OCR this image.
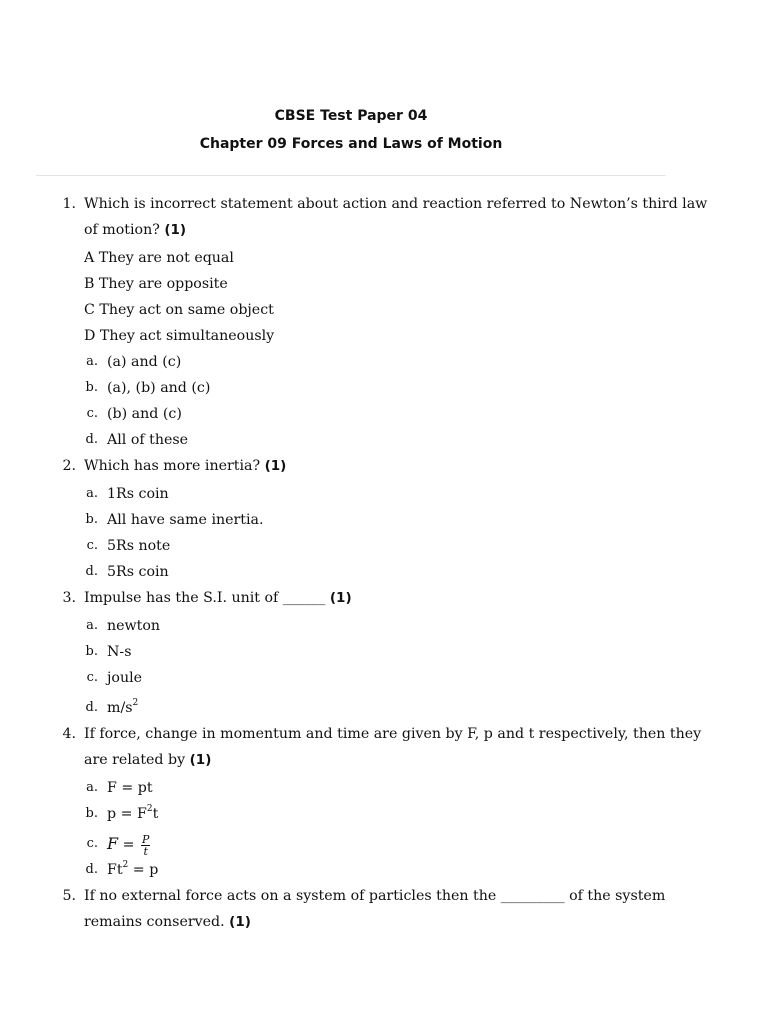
CBSE Test Paper 04
Chapter 09 Forces and Laws of Motion
1. Which is incorrect statement about action and reaction referred to Newton’s third law
of motion? (1)
A They are not equal
B They are opposite
C They act on same object
D They act simultaneously
a. (a) and (c)
b. (a), (b) and (c)
c. (b) and (c)
d. All of these
2. Which has more inertia? (1)
a. 1Rs coin
b. All have same inertia.
c. 5Rs note
d. 5Rs coin
3. Impulse has the S.I. unit of ______ (1)
a. newton
b. N-s
c. joule
d. $m/s^2$
4. If force, change in momentum and time are given by F, p and t respectively, then they
are related by (1)
a. F = pt
b. $p = F^2t$
c. $F = \frac{P}{t}$
d. $Ft^2 = p$
5. If no external force acts on a system of particles then the _________ of the system
remains conserved. (1)
